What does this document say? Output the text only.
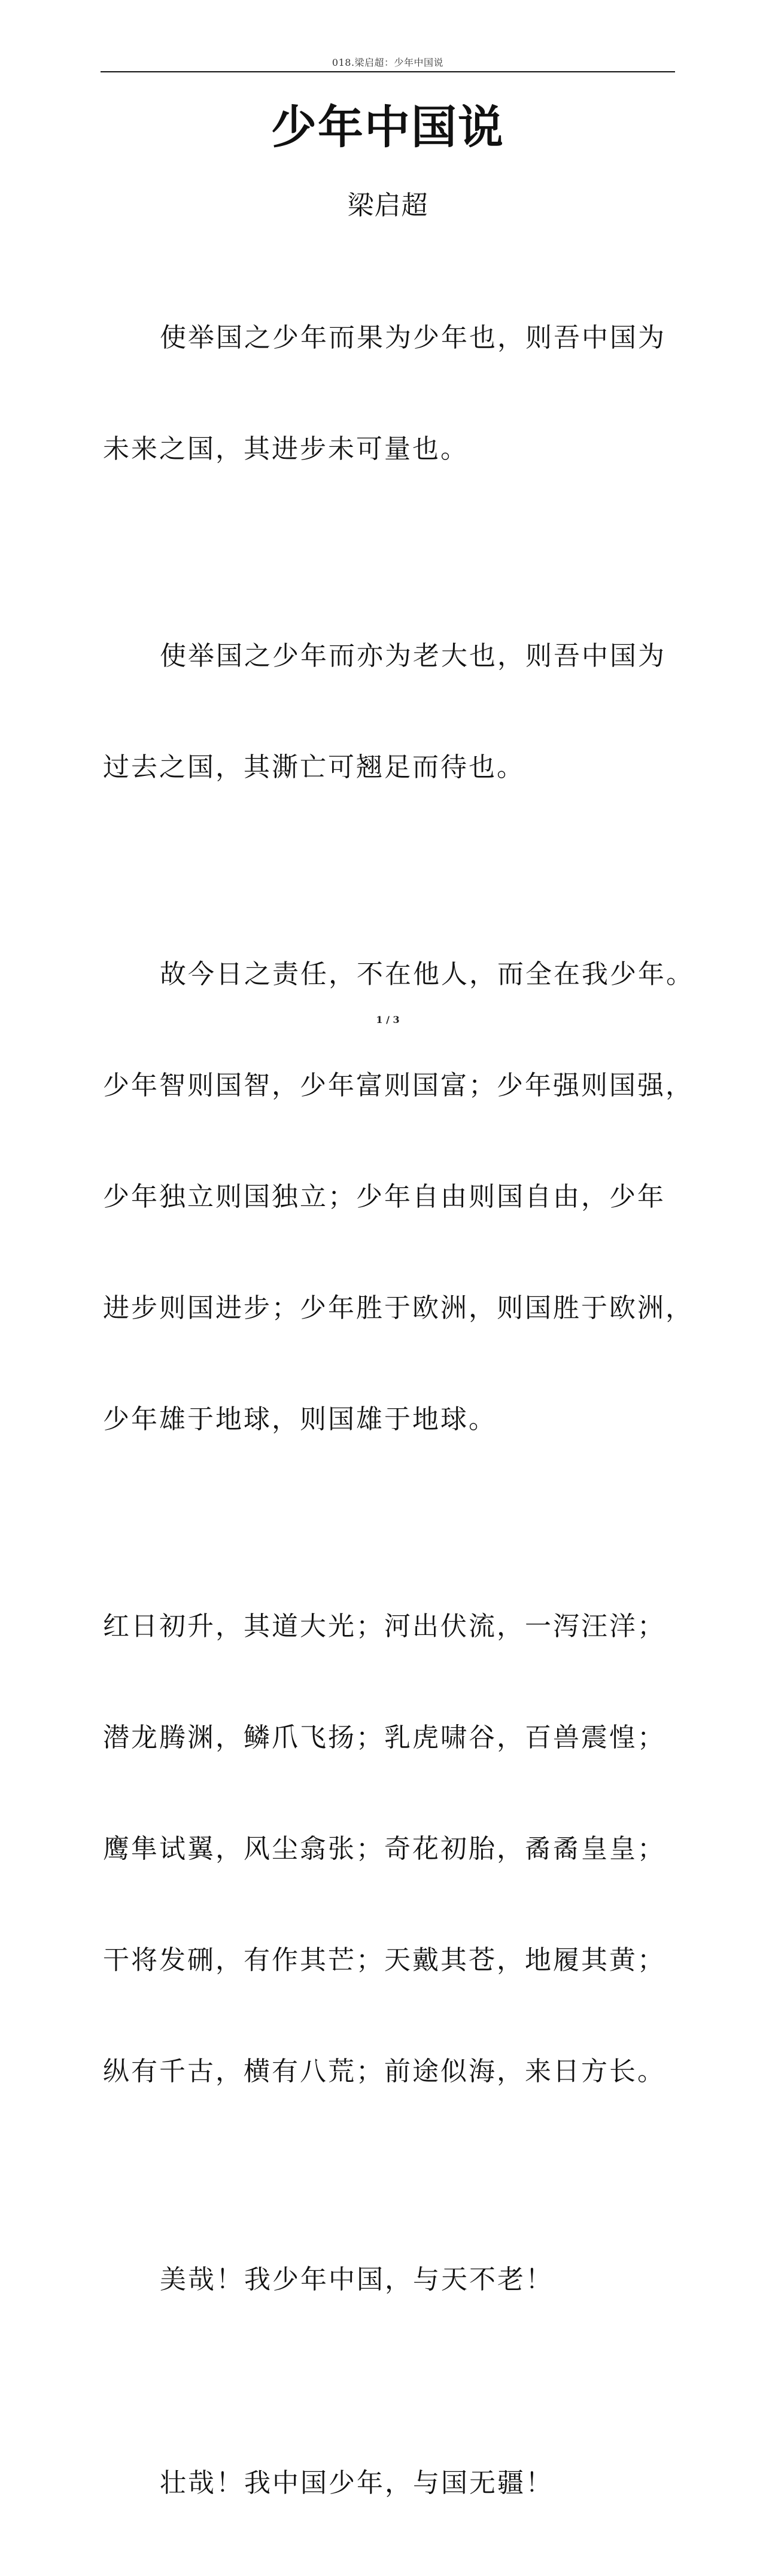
018.梁启超：少年中国说
少年中国说
梁启超

使举国之少年而果为少年也，则吾中国为

未来之国，其进步未可量也。

使举国之少年而亦为老大也，则吾中国为

过去之国，其澌亡可翘足而待也。

故今日之责任，不在他人，而全在我少年。

少年智则国智，少年富则国富；少年强则国强，

少年独立则国独立；少年自由则国自由，少年

进步则国进步；少年胜于欧洲，则国胜于欧洲，

少年雄于地球，则国雄于地球。

红日初升，其道大光；河出伏流，一泻汪洋；

潜龙腾渊，鳞爪飞扬；乳虎啸谷，百兽震惶；

鹰隼试翼，风尘翕张；奇花初胎，矞矞皇皇；

干将发硎，有作其芒；天戴其苍，地履其黄；

纵有千古，横有八荒；前途似海，来日方长。

美哉！我少年中国，与天不老！

壮哉！我中国少年，与国无疆！

1 / 3
